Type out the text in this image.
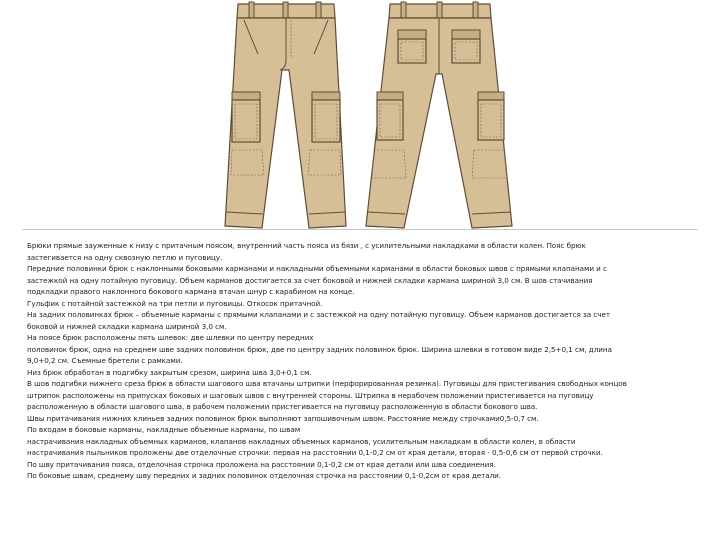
Брюки прямые зауженные к низу с притачным поясом, внутренний часть пояса из бязи , с усилительными накладками в области колен. Пояс брюк

застегивается на одну сквозную петлю и пуговицу.

Передние половинки брюк с наклонными боковыми карманами и накладными объемными карманами в области боковых швов с прямыми клапанами и с

застежкой на одну потайную пуговицу. Объем карманов достигается за счет боковой и нижней складки кармана шириной 3,0 см. В шов стачивания

подкладки правого наклонного бокового кармана втачан шнур с карабином на конце.

Гульфик с потайной застежкой на три петли и пуговицы. Откосок притачной.

На задних половинках брюк – объемные карманы с прямыми клапанами и с застежкой на одну потайную пуговицу. Объем карманов достигается за счет

боковой и нижней складки кармана шириной 3,0 см.

На поясе брюк расположены пять шлевок: две шлевки по центру передних

половинок брюк, одна на среднем шве задних половинок брюк, две по центру задних половинок брюк. Ширина шлевки в готовом виде 2,5+0,1 см, длина

9,0+0,2 см. Съемные бретели с рамками.

Низ брюк обработан в подгибку закрытым срезом, ширина шва 3,0+0,1 см.

В шов подгибки нижнего среза брюк в области шагового шва втачаны штрипки (перфорированная резинка). Пуговицы для пристегивания свободных концов

штрипок расположены на припусках боковых и шаговых швов с внутренней стороны. Штрипка в нерабочем положении пристегивается на пуговицу

расположенную в области шагового шва, в рабочем положении пристегивается на пуговицу расположенную в области бокового шва.

Швы притачивания нижних клиньев задних половинок брюк выполняют запошивочным швом. Расстояние между строчками0,5-0,7 см.

По входам в боковые карманы, накладные объемные карманы, по швам

настрачивания накладных объемных карманов, клапанов накладных объемных карманов, усилительным накладкам в области колен, в области

настрачивания пыльников проложены две отделочные строчки: первая на расстоянии 0,1-0,2 см от края детали, вторая - 0,5-0,6 см от первой строчки.

По шву притачивания пояса, отделочная строчка проложена на расстоянии 0,1-0,2 см от края детали или шва соединения.

По боковые швам, среднему шву передних и задних половинок отделочная строчка на расстоянии 0,1-0,2см от края детали.
